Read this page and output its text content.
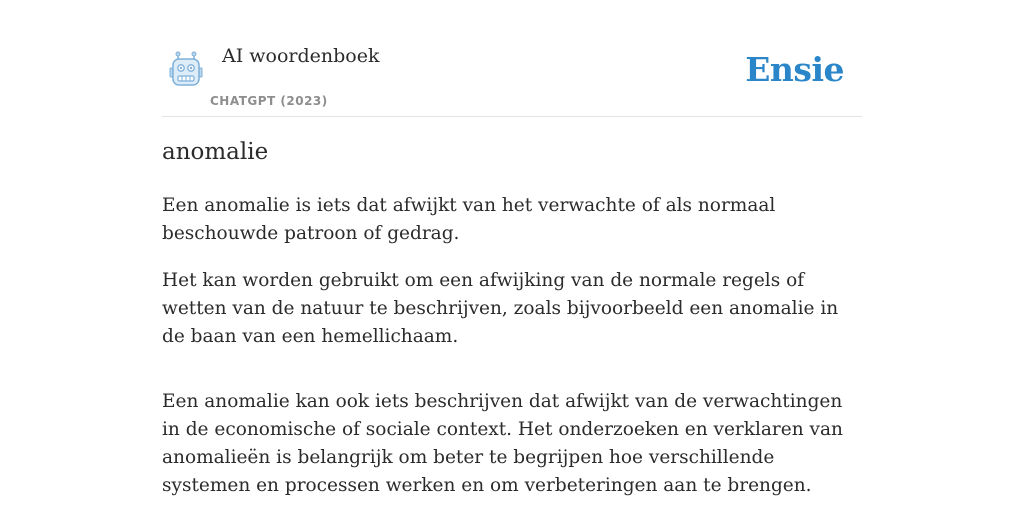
AI woordenboek
CHATGPT (2023)
Ensie
anomalie

Een anomalie is iets dat afwijkt van het verwachte of als normaal beschouwde patroon of gedrag.

Het kan worden gebruikt om een afwijking van de normale regels of wetten van de natuur te beschrijven, zoals bijvoorbeeld een anomalie in de baan van een hemellichaam.

Een anomalie kan ook iets beschrijven dat afwijkt van de verwachtingen in de economische of sociale context. Het onderzoeken en verklaren van anomalieën is belangrijk om beter te begrijpen hoe verschillende systemen en processen werken en om verbeteringen aan te brengen.
